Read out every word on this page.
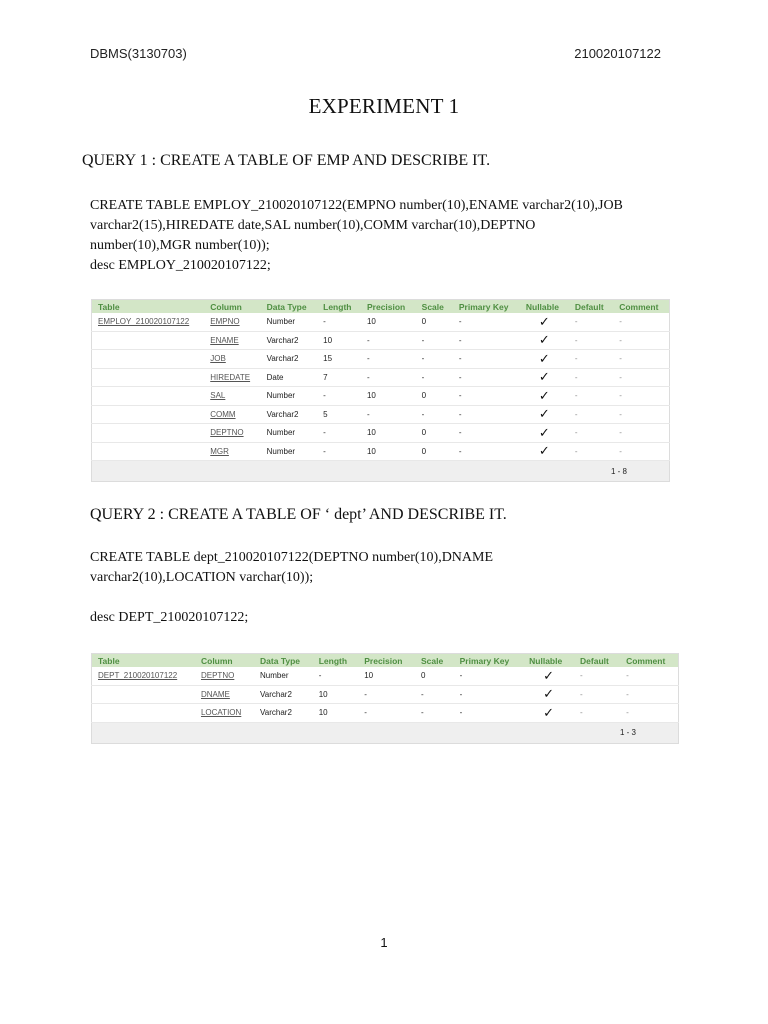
DBMS(3130703)	210020107122
EXPERIMENT 1
QUERY 1 : CREATE A TABLE OF EMP AND DESCRIBE IT.

CREATE TABLE EMPLOY_210020107122(EMPNO number(10),ENAME varchar2(10),JOB

varchar2(15),HIREDATE date,SAL number(10),COMM varchar(10),DEPTNO

number(10),MGR number(10));

desc EMPLOY_210020107122;

Table	Column	Data Type	Length	Precision	Scale	Primary Key	Nullable	Default	Comment
EMPLOY_210020107122	EMPNO	Number	-	10	0	-	✓	-	-
	ENAME	Varchar2	10	-	-	-	✓	-	-
	JOB	Varchar2	15	-	-	-	✓	-	-
	HIREDATE	Date	7	-	-	-	✓	-	-
	SAL	Number	-	10	0	-	✓	-	-
	COMM	Varchar2	5	-	-	-	✓	-	-
	DEPTNO	Number	-	10	0	-	✓	-	-
	MGR	Number	-	10	0	-	✓	-	-
1 - 8									
QUERY 2 : CREATE A TABLE OF ‘ dept’ AND DESCRIBE IT.

CREATE TABLE dept_210020107122(DEPTNO number(10),DNAME

varchar2(10),LOCATION varchar(10));

desc DEPT_210020107122;

Table	Column	Data Type	Length	Precision	Scale	Primary Key	Nullable	Default	Comment
DEPT_210020107122	DEPTNO	Number	-	10	0	-	✓	-	-
	DNAME	Varchar2	10	-	-	-	✓	-	-
	LOCATION	Varchar2	10	-	-	-	✓	-	-
1 - 3									
1
